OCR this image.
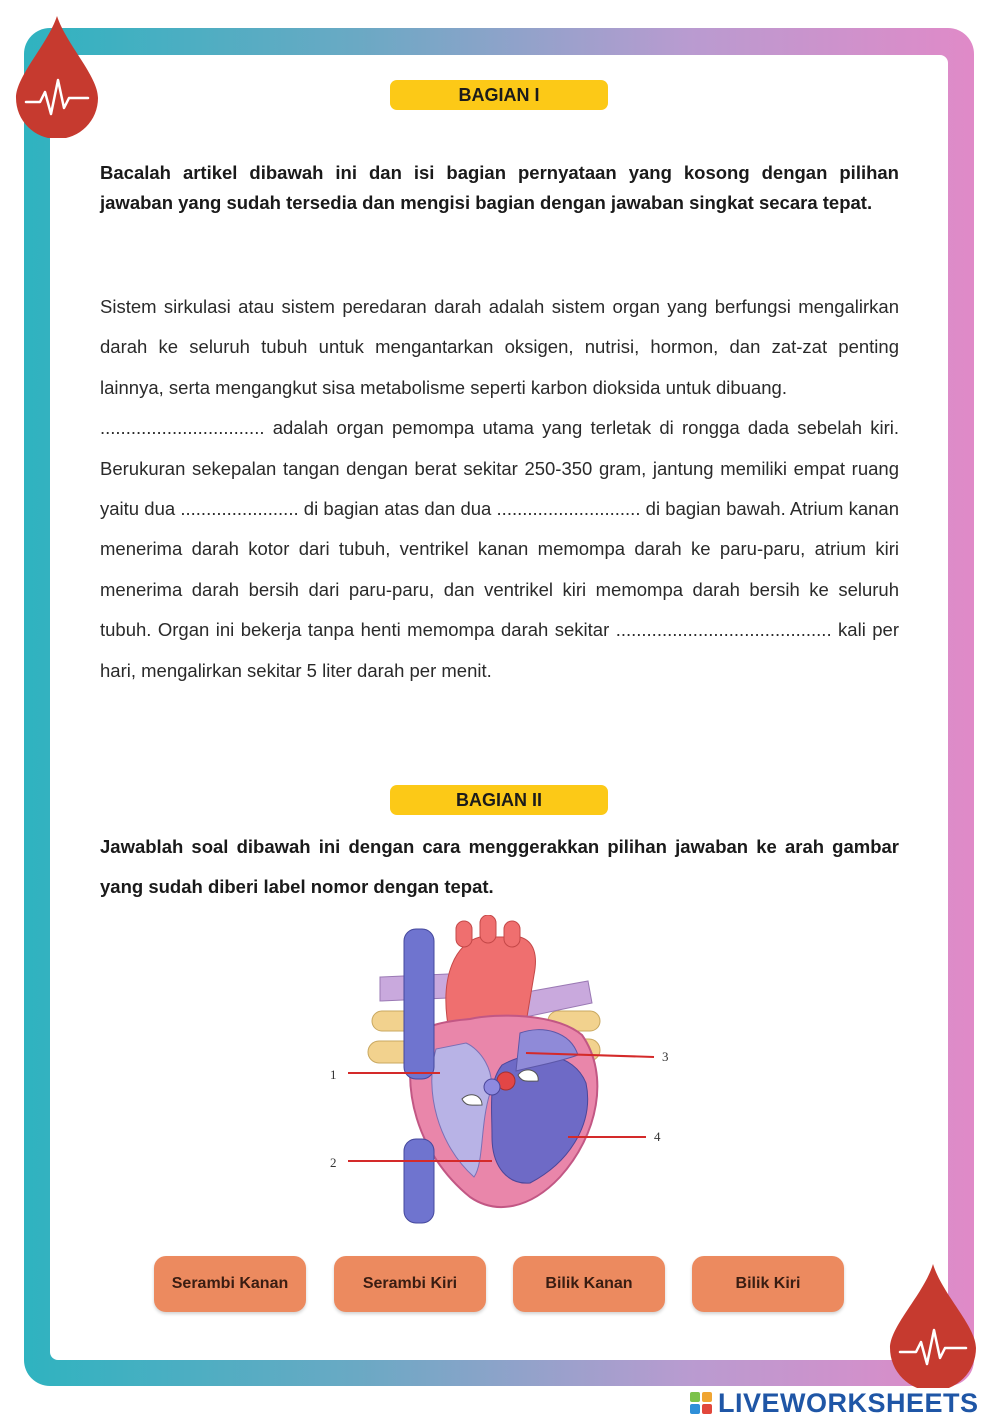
BAGIAN I

Bacalah artikel dibawah ini dan isi bagian pernyataan yang kosong dengan pilihan jawaban yang sudah tersedia dan mengisi bagian dengan jawaban singkat secara tepat.

Sistem sirkulasi atau sistem peredaran darah adalah sistem organ yang berfungsi mengalirkan darah ke seluruh tubuh untuk mengantarkan oksigen, nutrisi, hormon, dan zat-zat penting lainnya, serta mengangkut sisa metabolisme seperti karbon dioksida untuk dibuang.

................................ adalah organ pemompa utama yang terletak di rongga dada sebelah kiri. Berukuran sekepalan tangan dengan berat sekitar 250-350 gram, jantung memiliki empat ruang yaitu dua ....................... di bagian atas dan dua ............................ di bagian bawah. Atrium kanan menerima darah kotor dari tubuh, ventrikel kanan memompa darah ke paru-paru, atrium kiri menerima darah bersih dari paru-paru, dan ventrikel kiri memompa darah bersih ke seluruh tubuh. Organ ini bekerja tanpa henti memompa darah sekitar .......................................... kali per hari, mengalirkan sekitar 5 liter darah per menit.

BAGIAN II

Jawablah soal dibawah ini dengan cara menggerakkan pilihan jawaban ke arah gambar yang sudah diberi label nomor dengan tepat.

1
2
3
4
Serambi Kanan	Serambi Kiri	Bilik Kanan	Bilik Kiri
LIVEWORKSHEETS
